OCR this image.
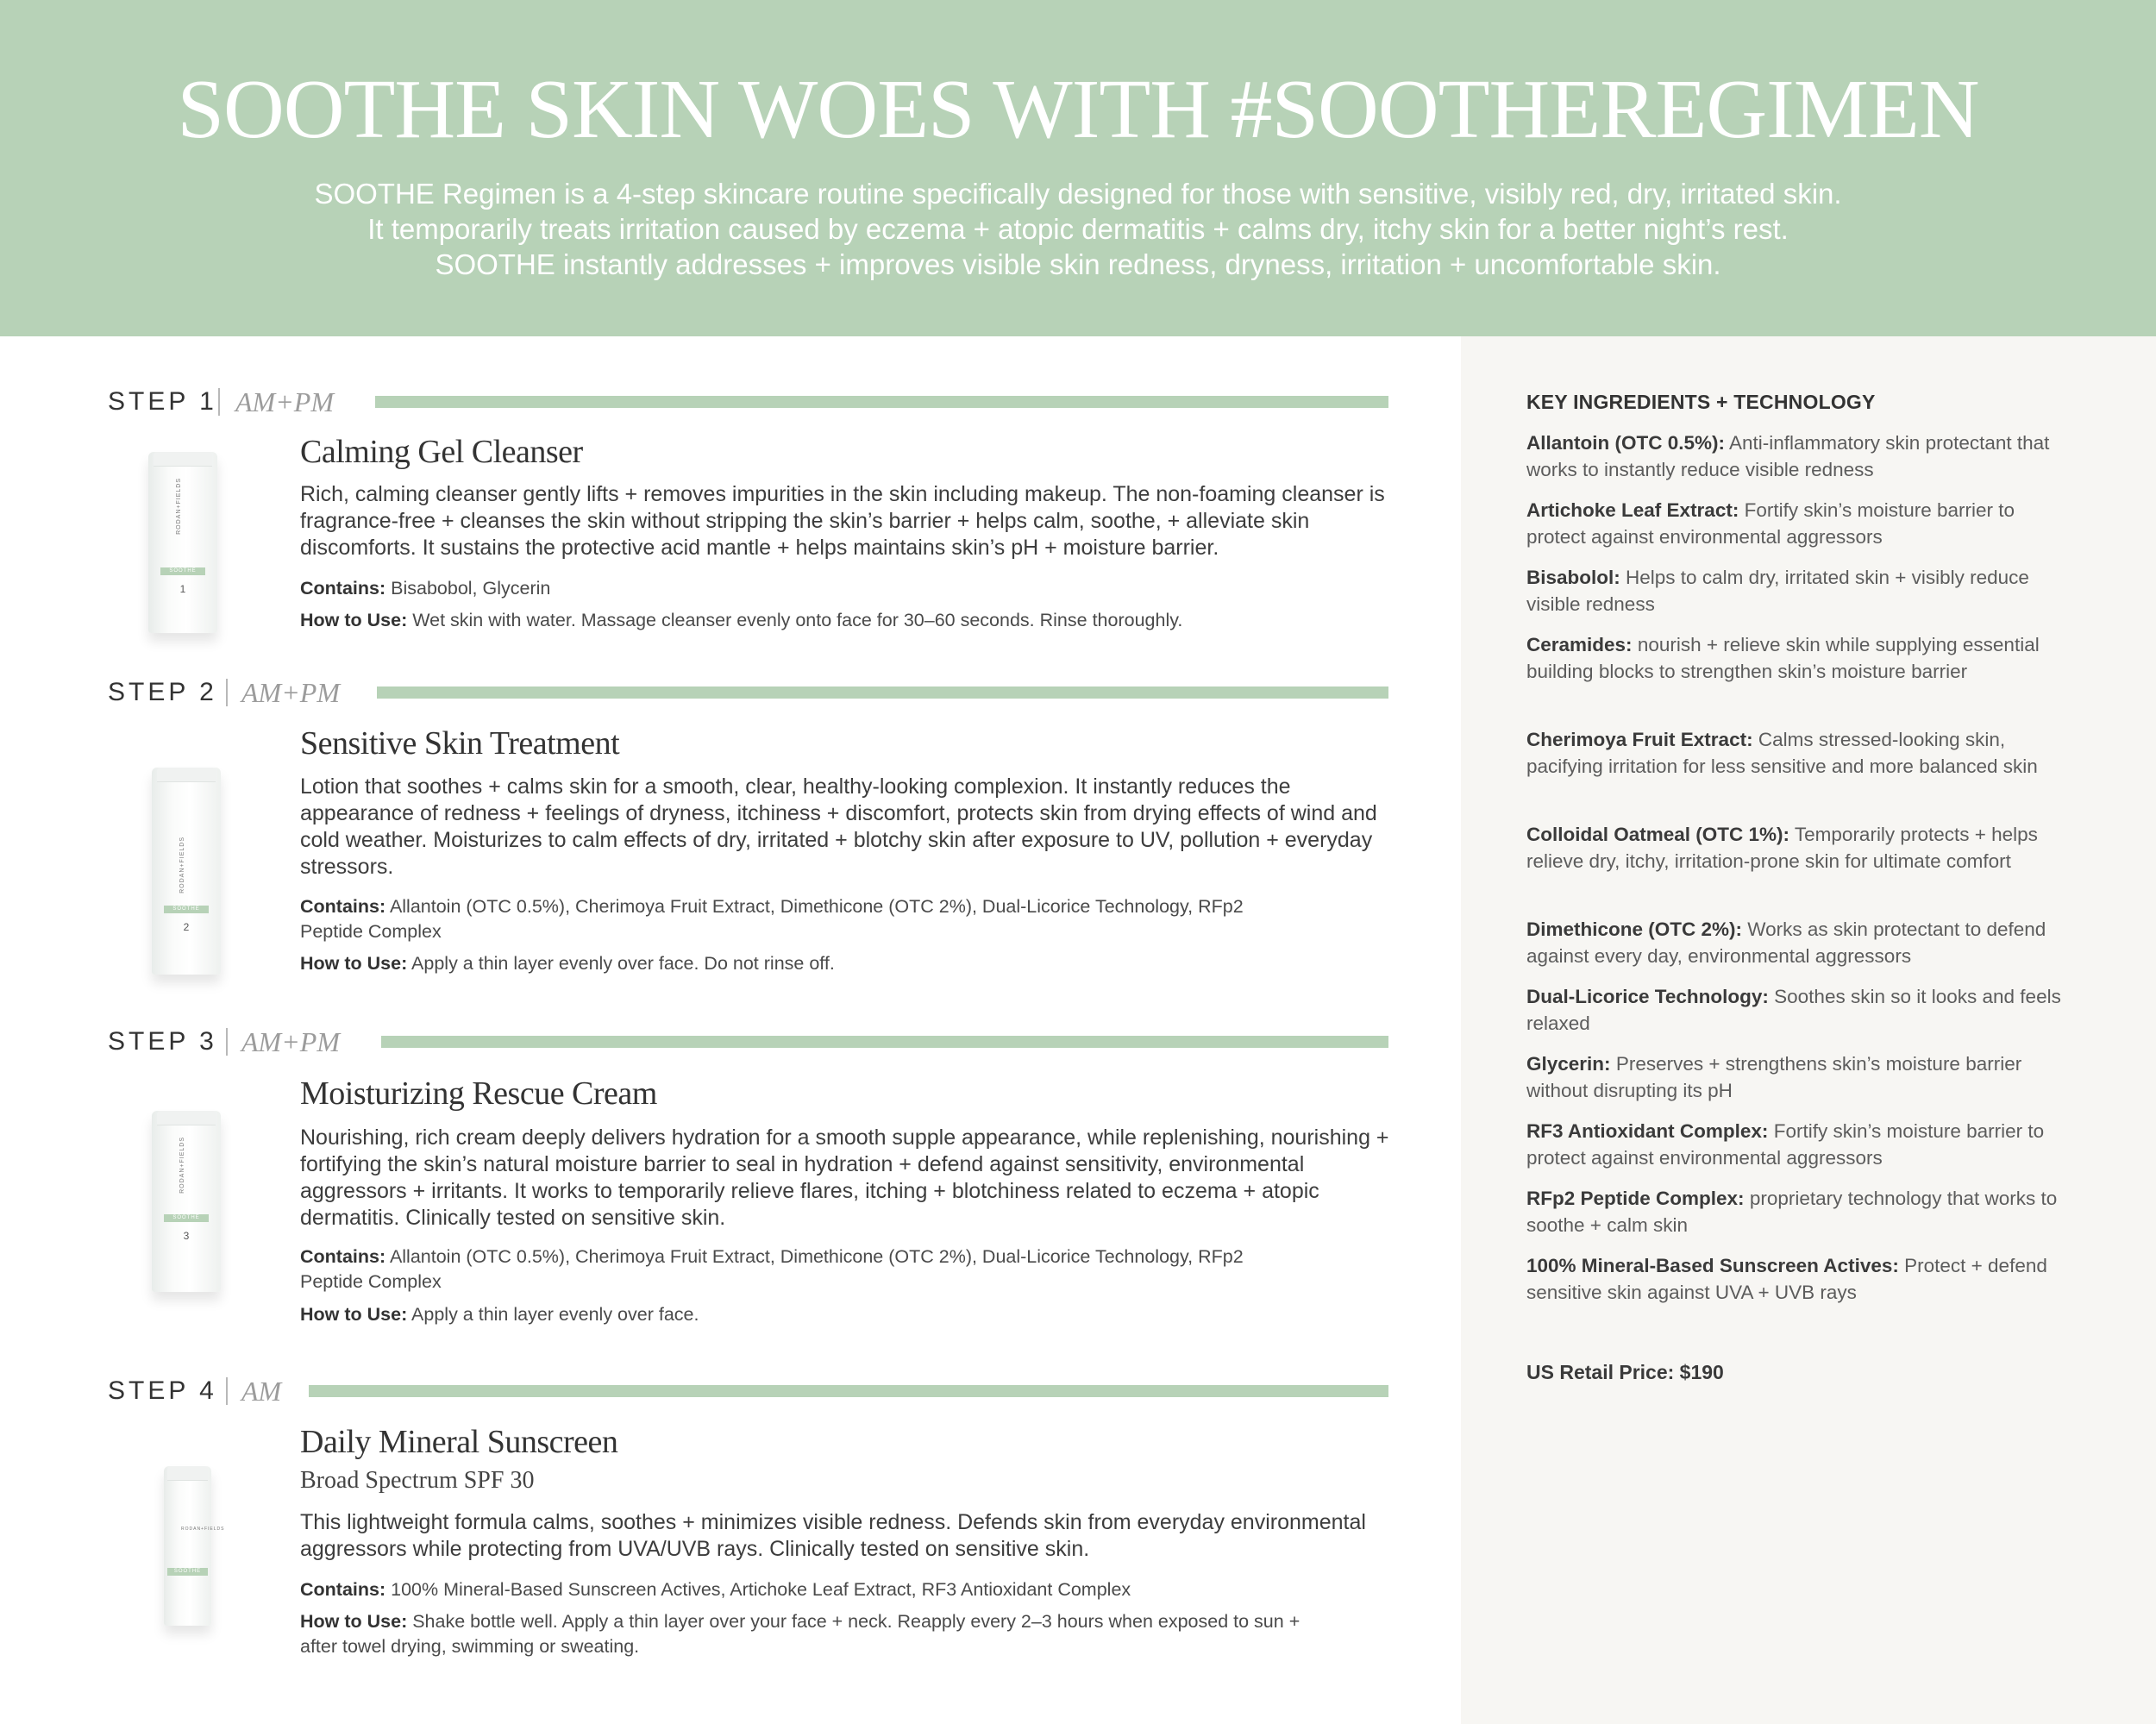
SOOTHE SKIN WOES WITH #SOOTHEREGIMEN
SOOTHE Regimen is a 4-step skincare routine specifically designed for those with sensitive, visibly red, dry, irritated skin. It temporarily treats irritation caused by eczema + atopic dermatitis + calms dry, itchy skin for a better night’s rest. SOOTHE instantly addresses + improves visible skin redness, dryness, irritation + uncomfortable skin.
STEP 1 AM+PM
RODAN+FIELDS
SOOTHE
1
Calming Gel Cleanser
Rich, calming cleanser gently lifts + removes impurities in the skin including makeup. The non-foaming cleanser is fragrance-free + cleanses the skin without stripping the skin’s barrier + helps calm, soothe, + alleviate skin discomforts. It sustains the protective acid mantle + helps maintains skin’s pH + moisture barrier.
Contains: Bisabobol, Glycerin
How to Use: Wet skin with water. Massage cleanser evenly onto face for 30–60 seconds. Rinse thoroughly.
STEP 2 AM+PM
RODAN+FIELDS
SOOTHE
2
Sensitive Skin Treatment
Lotion that soothes + calms skin for a smooth, clear, healthy-looking complexion. It instantly reduces the appearance of redness + feelings of dryness, itchiness + discomfort, protects skin from drying effects of wind and cold weather. Moisturizes to calm effects of dry, irritated + blotchy skin after exposure to UV, pollution + everyday stressors.
Contains: Allantoin (OTC 0.5%), Cherimoya Fruit Extract, Dimethicone (OTC 2%), Dual-Licorice Technology, RFp2 Peptide Complex
How to Use: Apply a thin layer evenly over face. Do not rinse off.
STEP 3 AM+PM
RODAN+FIELDS
SOOTHE
3
Moisturizing Rescue Cream
Nourishing, rich cream deeply delivers hydration for a smooth supple appearance, while replenishing, nourishing + fortifying the skin’s natural moisture barrier to seal in hydration + defend against sensitivity, environmental aggressors + irritants. It works to temporarily relieve flares, itching + blotchiness related to eczema + atopic dermatitis. Clinically tested on sensitive skin.
Contains: Allantoin (OTC 0.5%), Cherimoya Fruit Extract, Dimethicone (OTC 2%), Dual-Licorice Technology, RFp2 Peptide Complex
How to Use: Apply a thin layer evenly over face.
STEP 4 AM
RODAN+FIELDS
SOOTHE
Daily Mineral Sunscreen
Broad Spectrum SPF 30
This lightweight formula calms, soothes + minimizes visible redness. Defends skin from everyday environmental aggressors while protecting from UVA/UVB rays. Clinically tested on sensitive skin.
Contains: 100% Mineral-Based Sunscreen Actives, Artichoke Leaf Extract, RF3 Antioxidant Complex
How to Use: Shake bottle well. Apply a thin layer over your face + neck. Reapply every 2–3 hours when exposed to sun + after towel drying, swimming or sweating.
KEY INGREDIENTS + TECHNOLOGY
Allantoin (OTC 0.5%): Anti-inflammatory skin protectant that works to instantly reduce visible redness
Artichoke Leaf Extract: Fortify skin’s moisture barrier to protect against environmental aggressors
Bisabolol: Helps to calm dry, irritated skin + visibly reduce visible redness
Ceramides: nourish + relieve skin while supplying essential building blocks to strengthen skin’s moisture barrier
Cherimoya Fruit Extract: Calms stressed-looking skin, pacifying irritation for less sensitive and more balanced skin
Colloidal Oatmeal (OTC 1%): Temporarily protects + helps relieve dry, itchy, irritation-prone skin for ultimate comfort
Dimethicone (OTC 2%): Works as skin protectant to defend against every day, environmental aggressors
Dual-Licorice Technology: Soothes skin so it looks and feels relaxed
Glycerin: Preserves + strengthens skin’s moisture barrier without disrupting its pH
RF3 Antioxidant Complex: Fortify skin’s moisture barrier to protect against environmental aggressors
RFp2 Peptide Complex: proprietary technology that works to soothe + calm skin
100% Mineral-Based Sunscreen Actives: Protect + defend sensitive skin against UVA + UVB rays
US Retail Price: $190
